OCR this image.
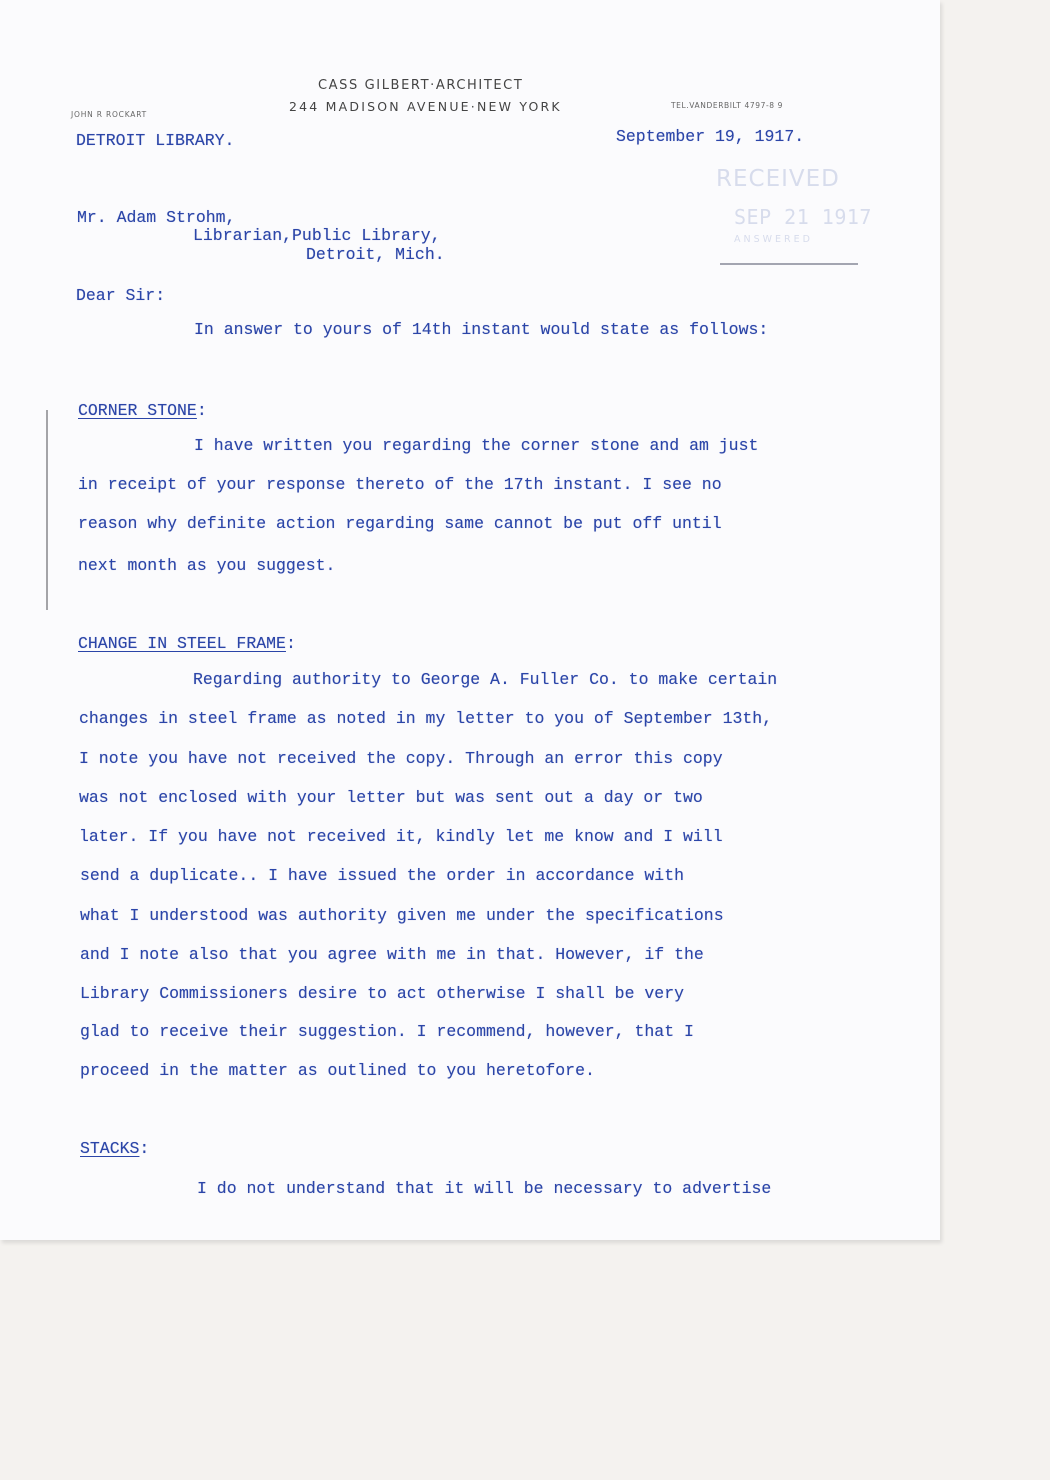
CASS GILBERT·ARCHITECT
244 MADISON AVENUE·NEW YORK	TEL.VANDERBILT 4797-8 9
JOHN R ROCKART
DETROIT LIBRARY.	September 19, 1917.
RECEIVED
SEP 21 1917
ANSWERED
Mr. Adam Strohm,
Librarian,Public Library,
Detroit, Mich.
Dear Sir:
In answer to yours of 14th instant would state as follows:
CORNER STONE:
I have written you regarding the corner stone and am just
in receipt of your response thereto of the 17th instant. I see no
reason why definite action regarding same cannot be put off until
next month as you suggest.
CHANGE IN STEEL FRAME:
Regarding authority to George A. Fuller Co. to make certain
changes in steel frame as noted in my letter to you of September 13th,
I note you have not received the copy. Through an error this copy
was not enclosed with your letter but was sent out a day or two
later. If you have not received it, kindly let me know and I will
send a duplicate.. I have issued the order in accordance with
what I understood was authority given me under the specifications
and I note also that you agree with me in that. However, if the
Library Commissioners desire to act otherwise I shall be very
glad to receive their suggestion. I recommend, however, that I
proceed in the matter as outlined to you heretofore.
STACKS:
I do not understand that it will be necessary to advertise
